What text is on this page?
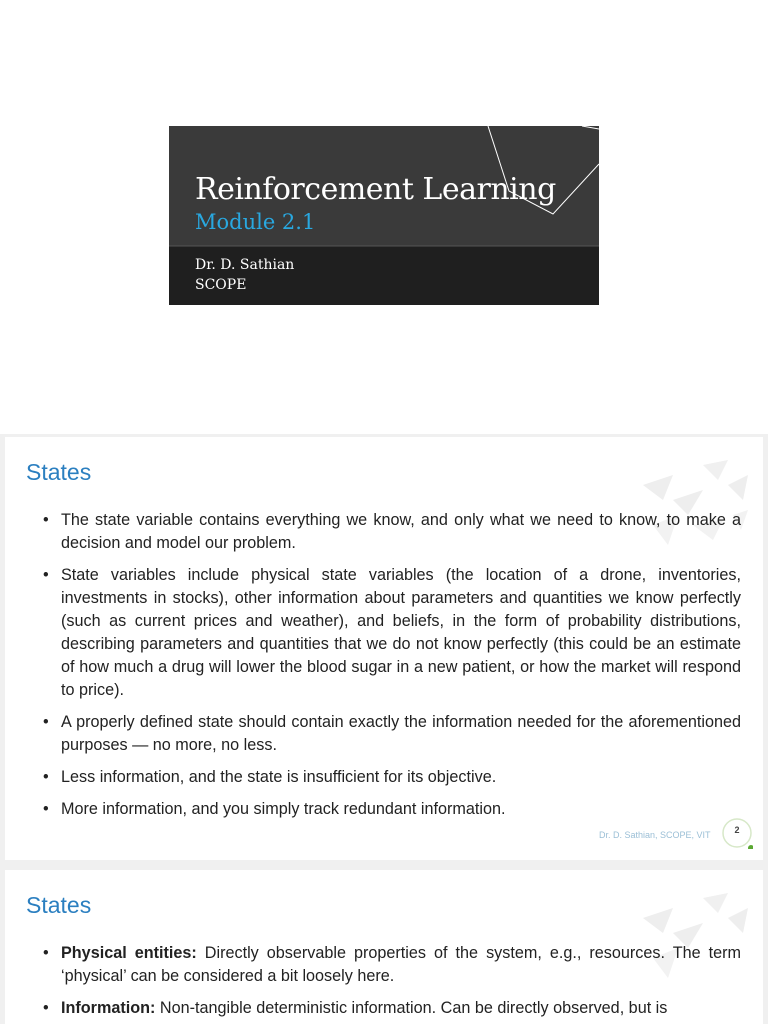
Reinforcement Learning
Module 2.1
Dr. D. Sathian
SCOPE
States
• The state variable contains everything we know, and only what we need to know, to make a decision and model our problem.
• State variables include physical state variables (the location of a drone, inventories, investments in stocks), other information about parameters and quantities we know perfectly (such as current prices and weather), and beliefs, in the form of probability distributions, describing parameters and quantities that we do not know perfectly (this could be an estimate of how much a drug will lower the blood sugar in a new patient, or how the market will respond to price).
• A properly defined state should contain exactly the information needed for the aforementioned purposes — no more, no less.
• Less information, and the state is insufficient for its objective.
• More information, and you simply track redundant information.
Dr. D. Sathian, SCOPE, VIT	2
States
• Physical entities: Directly observable properties of the system, e.g., resources. The term ‘physical’ can be considered a bit loosely here.
• Information: Non-tangible deterministic information. Can be directly observed, but is
